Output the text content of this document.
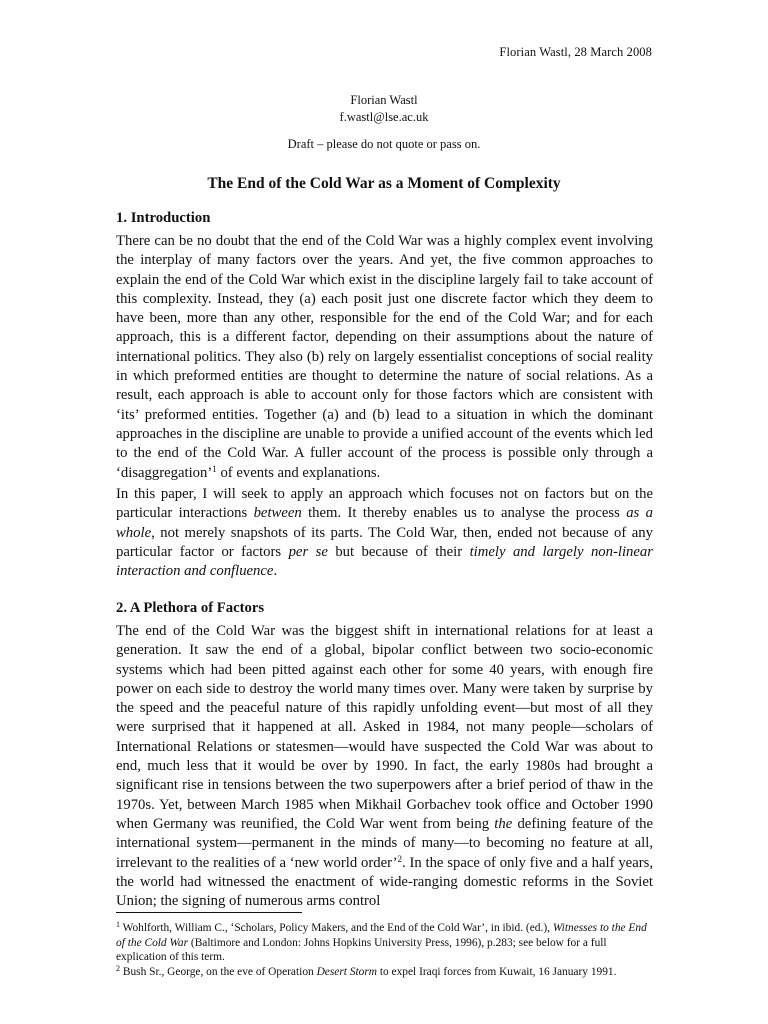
Florian Wastl, 28 March 2008
Florian Wastl
f.wastl@lse.ac.uk
Draft – please do not quote or pass on.
The End of the Cold War as a Moment of Complexity
1. Introduction

There can be no doubt that the end of the Cold War was a highly complex event involving the interplay of many factors over the years. And yet, the five common approaches to explain the end of the Cold War which exist in the discipline largely fail to take account of this complexity. Instead, they (a) each posit just one discrete factor which they deem to have been, more than any other, responsible for the end of the Cold War; and for each approach, this is a different factor, depending on their assumptions about the nature of international politics. They also (b) rely on largely essentialist conceptions of social reality in which preformed entities are thought to determine the nature of social relations. As a result, each approach is able to account only for those factors which are consistent with ‘its’ preformed entities. Together (a) and (b) lead to a situation in which the dominant approaches in the discipline are unable to provide a unified account of the events which led to the end of the Cold War. A fuller account of the process is possible only through a ‘disaggregation’$^1$ of events and explanations.

In this paper, I will seek to apply an approach which focuses not on factors but on the particular interactions between them. It thereby enables us to analyse the process as a whole, not merely snapshots of its parts. The Cold War, then, ended not because of any particular factor or factors per se but because of their timely and largely non-linear interaction and confluence.

2. A Plethora of Factors

The end of the Cold War was the biggest shift in international relations for at least a generation. It saw the end of a global, bipolar conflict between two socio-economic systems which had been pitted against each other for some 40 years, with enough fire power on each side to destroy the world many times over. Many were taken by surprise by the speed and the peaceful nature of this rapidly unfolding event—but most of all they were surprised that it happened at all. Asked in 1984, not many people—scholars of International Relations or statesmen—would have suspected the Cold War was about to end, much less that it would be over by 1990. In fact, the early 1980s had brought a significant rise in tensions between the two superpowers after a brief period of thaw in the 1970s. Yet, between March 1985 when Mikhail Gorbachev took office and October 1990 when Germany was reunified, the Cold War went from being the defining feature of the international system—permanent in the minds of many—to becoming no feature at all, irrelevant to the realities of a ‘new world order’$^2$. In the space of only five and a half years, the world had witnessed the enactment of wide-ranging domestic reforms in the Soviet Union; the signing of numerous arms control

$^1$ Wohlforth, William C., ‘Scholars, Policy Makers, and the End of the Cold War’, in ibid. (ed.), Witnesses to the End of the Cold War (Baltimore and London: Johns Hopkins University Press, 1996), p.283; see below for a full explication of this term.

$^2$ Bush Sr., George, on the eve of Operation Desert Storm to expel Iraqi forces from Kuwait, 16 January 1991.
